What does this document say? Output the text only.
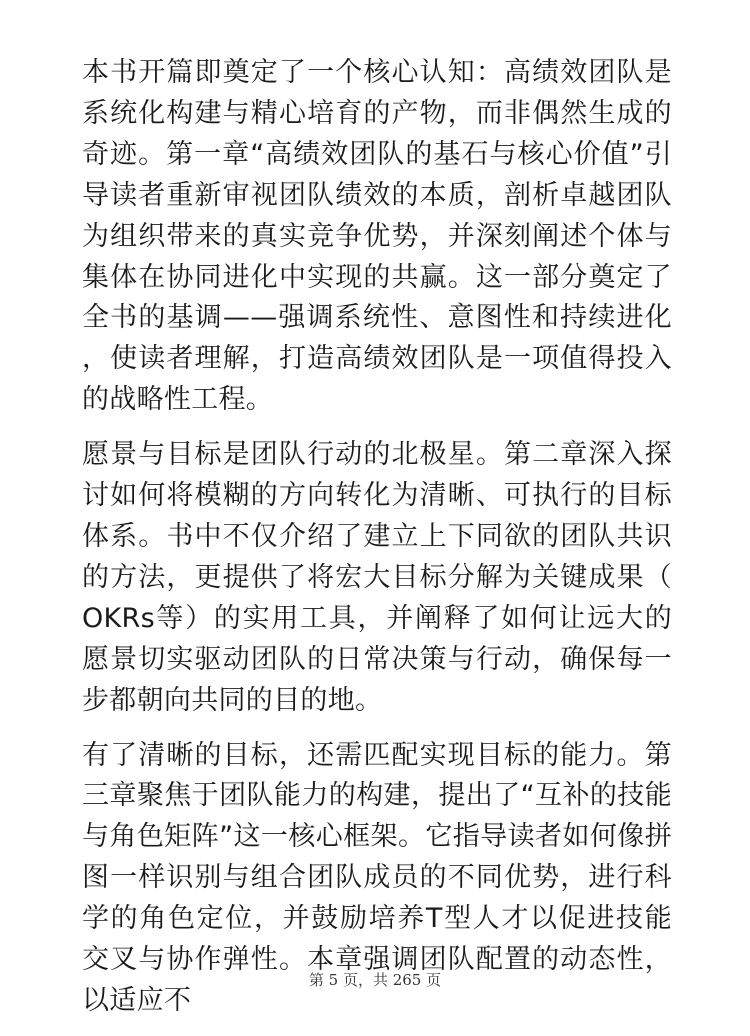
本书开篇即奠定了一个核心认知：高绩效团队是系统化构建与精心培育的产物，而非偶然生成的奇迹。第一章“高绩效团队的基石与核心价值”引导读者重新审视团队绩效的本质，剖析卓越团队为组织带来的真实竞争优势，并深刻阐述个体与集体在协同进化中实现的共赢。这一部分奠定了全书的基调——强调系统性、意图性和持续进化，使读者理解，打造高绩效团队是一项值得投入的战略性工程。

愿景与目标是团队行动的北极星。第二章深入探讨如何将模糊的方向转化为清晰、可执行的目标体系。书中不仅介绍了建立上下同欲的团队共识的方法，更提供了将宏大目标分解为关键成果（OKRs等）的实用工具，并阐释了如何让远大的愿景切实驱动团队的日常决策与行动，确保每一步都朝向共同的目的地。

有了清晰的目标，还需匹配实现目标的能力。第三章聚焦于团队能力的构建，提出了“互补的技能与角色矩阵”这一核心框架。它指导读者如何像拼图一样识别与组合团队成员的不同优势，进行科学的角色定位，并鼓励培养T型人才以促进技能交叉与协作弹性。本章强调团队配置的动态性，以适应不

第 5 页，共 265 页
